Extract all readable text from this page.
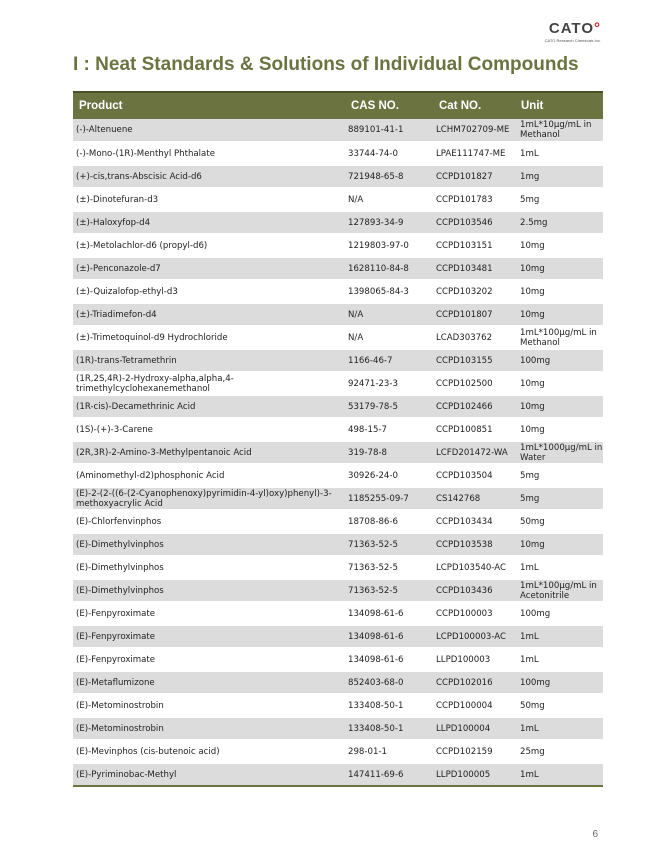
CATO°
CATO Research Chemicals Inc.
I : Neat Standards & Solutions of Individual Compounds
Product	CAS NO.	Cat NO.	Unit
(-)-Altenuene	889101-41-1	LCHM702709-ME	1mL*10μg/mL in Methanol
(-)-Mono-(1R)-Menthyl Phthalate	33744-74-0	LPAE111747-ME	1mL
(+)-cis,trans-Abscisic Acid-d6	721948-65-8	CCPD101827	1mg
(±)-Dinotefuran-d3	N/A	CCPD101783	5mg
(±)-Haloxyfop-d4	127893-34-9	CCPD103546	2.5mg
(±)-Metolachlor-d6 (propyl-d6)	1219803-97-0	CCPD103151	10mg
(±)-Penconazole-d7	1628110-84-8	CCPD103481	10mg
(±)-Quizalofop-ethyl-d3	1398065-84-3	CCPD103202	10mg
(±)-Triadimefon-d4	N/A	CCPD101807	10mg
(±)-Trimetoquinol-d9 Hydrochloride	N/A	LCAD303762	1mL*100μg/mL in Methanol
(1R)-trans-Tetramethrin	1166-46-7	CCPD103155	100mg
(1R,2S,4R)-2-Hydroxy-alpha,alpha,4-trimethylcyclohexanemethanol	92471-23-3	CCPD102500	10mg
(1R-cis)-Decamethrinic Acid	53179-78-5	CCPD102466	10mg
(1S)-(+)-3-Carene	498-15-7	CCPD100851	10mg
(2R,3R)-2-Amino-3-Methylpentanoic Acid	319-78-8	LCFD201472-WA	1mL*1000μg/mL in Water
(Aminomethyl-d2)phosphonic Acid	30926-24-0	CCPD103504	5mg
(E)-2-(2-((6-(2-Cyanophenoxy)pyrimidin-4-yl)oxy)phenyl)-3-methoxyacrylic Acid	1185255-09-7	CS142768	5mg
(E)-Chlorfenvinphos	18708-86-6	CCPD103434	50mg
(E)-Dimethylvinphos	71363-52-5	CCPD103538	10mg
(E)-Dimethylvinphos	71363-52-5	LCPD103540-AC	1mL
(E)-Dimethylvinphos	71363-52-5	CCPD103436	1mL*100μg/mL in Acetonitrile
(E)-Fenpyroximate	134098-61-6	CCPD100003	100mg
(E)-Fenpyroximate	134098-61-6	LCPD100003-AC	1mL
(E)-Fenpyroximate	134098-61-6	LLPD100003	1mL
(E)-Metaflumizone	852403-68-0	CCPD102016	100mg
(E)-Metominostrobin	133408-50-1	CCPD100004	50mg
(E)-Metominostrobin	133408-50-1	LLPD100004	1mL
(E)-Mevinphos (cis-butenoic acid)	298-01-1	CCPD102159	25mg
(E)-Pyriminobac-Methyl	147411-69-6	LLPD100005	1mL
6
